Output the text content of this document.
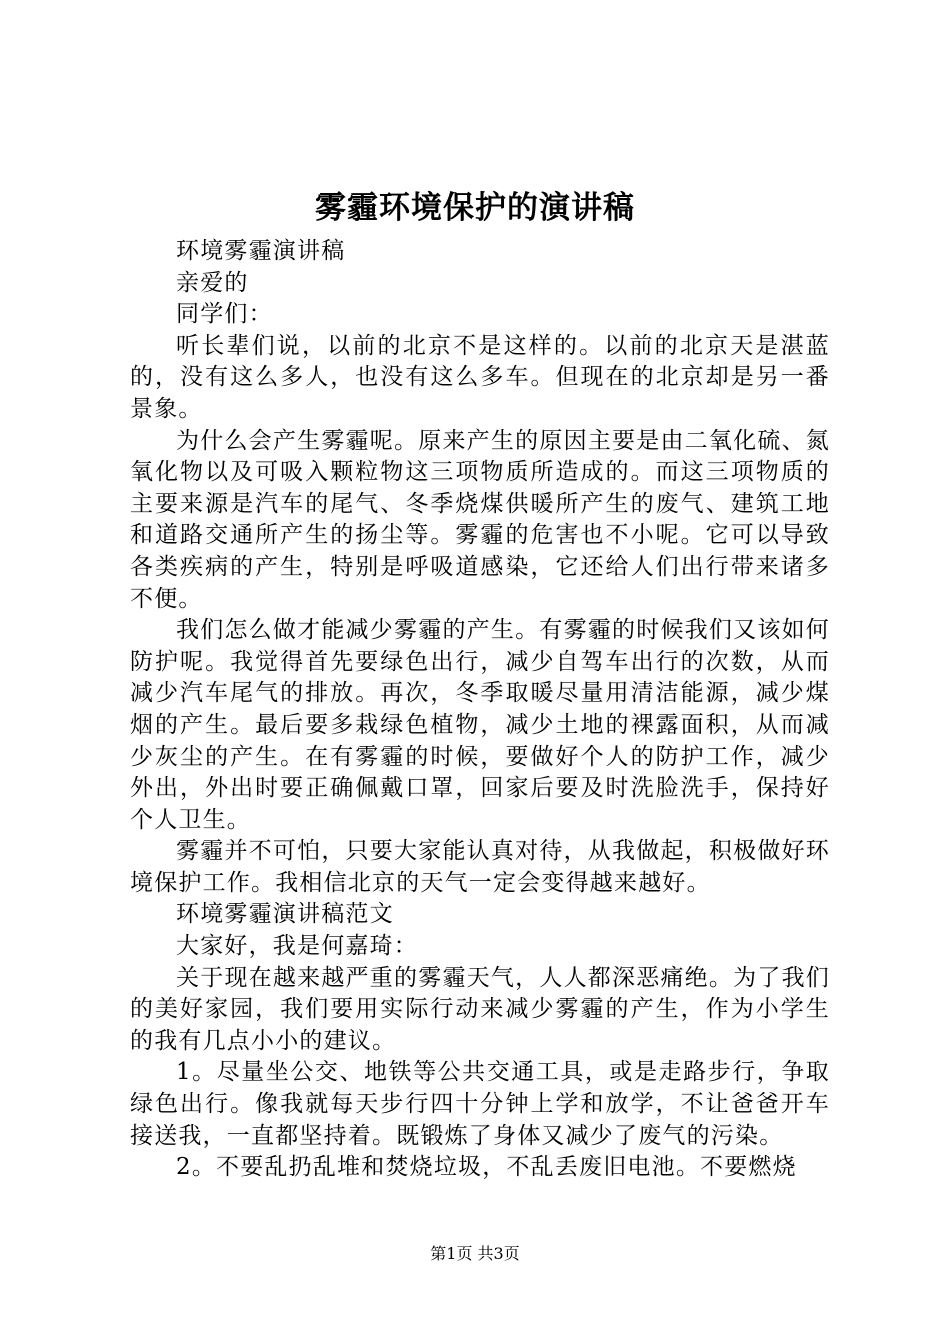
雾霾环境保护的演讲稿

环境雾霾演讲稿

亲爱的

同学们：

听长辈们说，以前的北京不是这样的。以前的北京天是湛蓝的，没有这么多人，也没有这么多车。但现在的北京却是另一番景象。

为什么会产生雾霾呢。原来产生的原因主要是由二氧化硫、氮氧化物以及可吸入颗粒物这三项物质所造成的。而这三项物质的主要来源是汽车的尾气、冬季烧煤供暖所产生的废气、建筑工地和道路交通所产生的扬尘等。雾霾的危害也不小呢。它可以导致各类疾病的产生，特别是呼吸道感染，它还给人们出行带来诸多不便。

我们怎么做才能减少雾霾的产生。有雾霾的时候我们又该如何防护呢。我觉得首先要绿色出行，减少自驾车出行的次数，从而减少汽车尾气的排放。再次，冬季取暖尽量用清洁能源，减少煤烟的产生。最后要多栽绿色植物，减少土地的裸露面积，从而减少灰尘的产生。在有雾霾的时候，要做好个人的防护工作，减少外出，外出时要正确佩戴口罩，回家后要及时洗脸洗手，保持好个人卫生。

雾霾并不可怕，只要大家能认真对待，从我做起，积极做好环境保护工作。我相信北京的天气一定会变得越来越好。

环境雾霾演讲稿范文

大家好，我是何嘉琦：

关于现在越来越严重的雾霾天气，人人都深恶痛绝。为了我们的美好家园，我们要用实际行动来减少雾霾的产生，作为小学生的我有几点小小的建议。

1。尽量坐公交、地铁等公共交通工具，或是走路步行，争取绿色出行。像我就每天步行四十分钟上学和放学，不让爸爸开车接送我，一直都坚持着。既锻炼了身体又减少了废气的污染。

2。不要乱扔乱堆和焚烧垃圾，不乱丢废旧电池。不要燃烧

第1页 共3页
